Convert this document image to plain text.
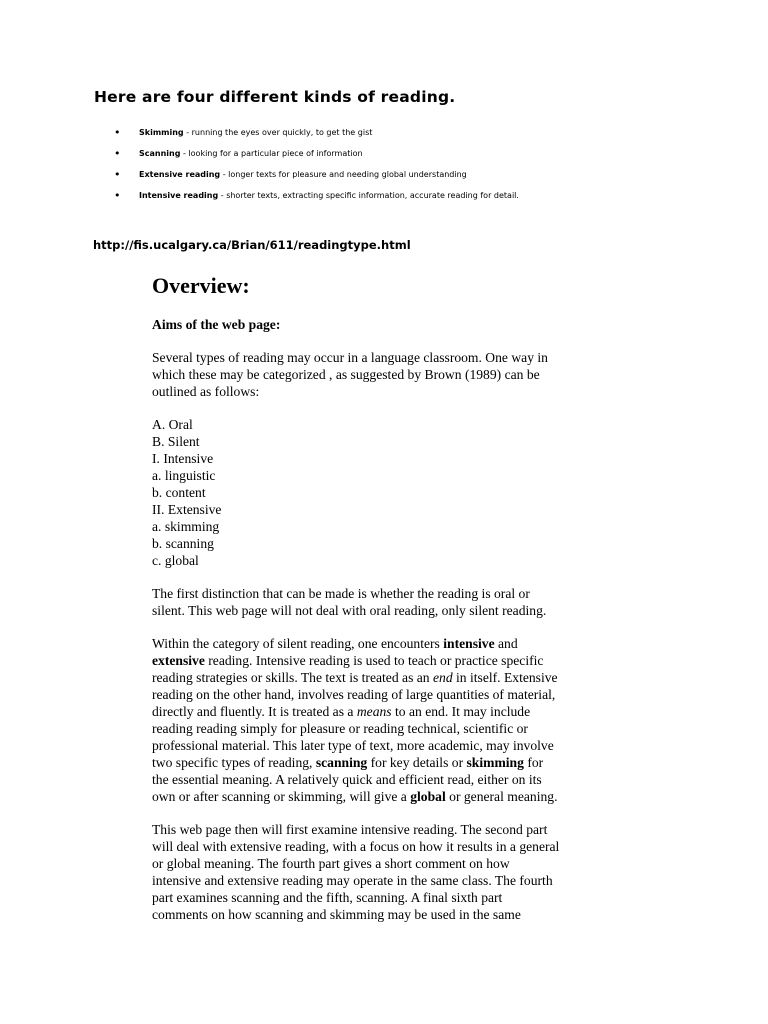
Here are four different kinds of reading.
• Skimming - running the eyes over quickly, to get the gist
• Scanning - looking for a particular piece of information
• Extensive reading - longer texts for pleasure and needing global understanding
• Intensive reading - shorter texts, extracting specific information, accurate reading for detail.
http://fis.ucalgary.ca/Brian/611/readingtype.html
Overview:
Aims of the web page:
Several types of reading may occur in a language classroom. One way in
which these may be categorized , as suggested by Brown (1989) can be
outlined as follows:
A. Oral
B. Silent
I. Intensive
a. linguistic
b. content
II. Extensive
a. skimming
b. scanning
c. global
The first distinction that can be made is whether the reading is oral or
silent. This web page will not deal with oral reading, only silent reading.
Within the category of silent reading, one encounters intensive and
extensive reading. Intensive reading is used to teach or practice specific
reading strategies or skills. The text is treated as an end in itself. Extensive
reading on the other hand, involves reading of large quantities of material,
directly and fluently. It is treated as a means to an end. It may include
reading reading simply for pleasure or reading technical, scientific or
professional material. This later type of text, more academic, may involve
two specific types of reading, scanning for key details or skimming for
the essential meaning. A relatively quick and efficient read, either on its
own or after scanning or skimming, will give a global or general meaning.
This web page then will first examine intensive reading. The second part
will deal with extensive reading, with a focus on how it results in a general
or global meaning. The fourth part gives a short comment on how
intensive and extensive reading may operate in the same class. The fourth
part examines scanning and the fifth, scanning. A final sixth part
comments on how scanning and skimming may be used in the same
